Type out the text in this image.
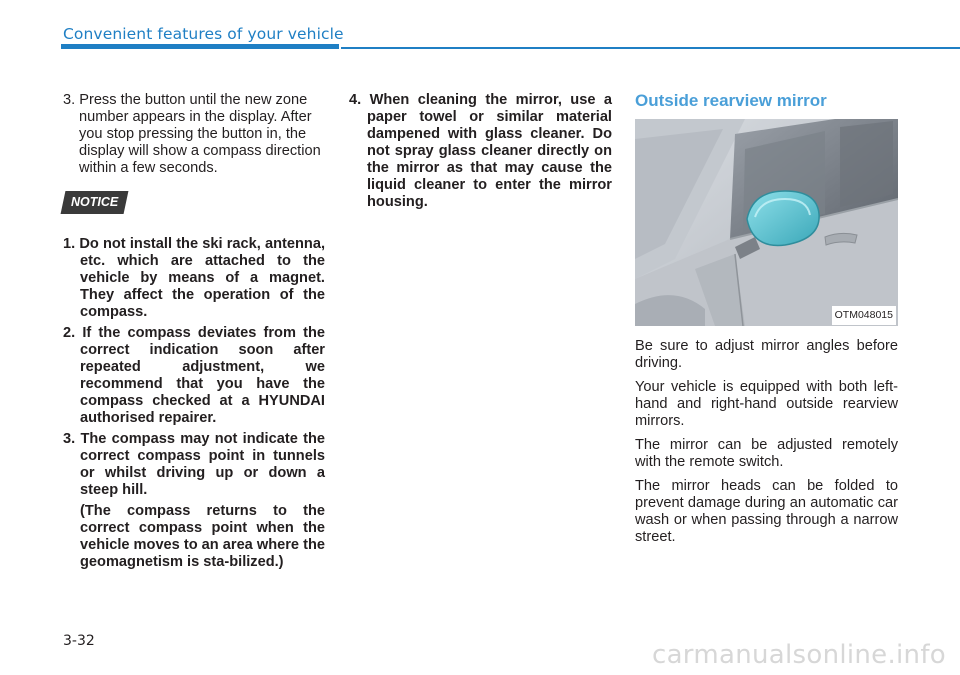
Convenient features of your vehicle
3. Press the button until the new zone number appears in the display. After you stop pressing the button in, the display will show a compass direction within a few seconds.
NOTICE
1. Do not install the ski rack, antenna, etc. which are attached to the vehicle by means of a magnet. They affect the operation of the compass.
2. If the compass deviates from the correct indication soon after repeated adjustment, we recommend that you have the compass checked at a HYUNDAI authorised repairer.
3. The compass may not indicate the correct compass point in tunnels or whilst driving up or down a steep hill.
(The compass returns to the correct compass point when the vehicle moves to an area where the geomagnetism is sta-bilized.)
4. When cleaning the mirror, use a paper towel or similar material dampened with glass cleaner. Do not spray glass cleaner directly on the mirror as that may cause the liquid cleaner to enter the mirror housing.
Outside rearview mirror
OTM048015
Be sure to adjust mirror angles before driving.
Your vehicle is equipped with both left-hand and right-hand outside rearview mirrors.
The mirror can be adjusted remotely with the remote switch.
The mirror heads can be folded to prevent damage during an automatic car wash or when passing through a narrow street.
3-32	carmanualsonline.info
